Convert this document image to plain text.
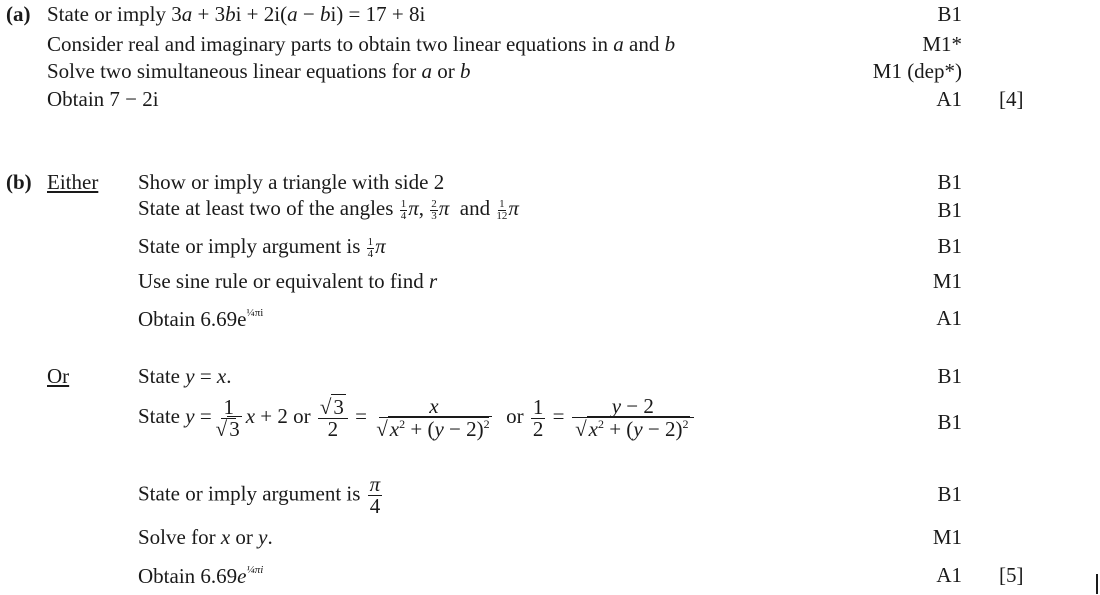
(a) State or imply 3a + 3bi + 2i(a − bi) = 17 + 8i
Consider real and imaginary parts to obtain two linear equations in a and b
Solve two simultaneous linear equations for a or b
Obtain 7 − 2i
B1
M1*
M1 (dep*)
A1 [4]
(b) Either Show or imply a triangle with side 2
State at least two of the angles $\frac{1}{4} \pi$, $\frac{2}{3}$ π and $\frac{1}{12}$ π
State or imply argument is $\frac{1}{4}$ π
Use sine rule or equivalent to find r
Obtain $6.69e^{\frac{1}{4}\pi i}$
B1
B1
B1
M1
A1
Or	State y = x.
State $y = \frac{1}{√3}$ x + 2 or $\frac{√3}{2} = \frac{x}{√x^2 + (y - 2)^2}$ or $\frac{1}{2} = \frac{y - 2}{√x^2 + (y - 2)^2}$
State or imply argument is $\frac{\pi}{4}$
Solve for x or y.
Obtain $6.69e^{\frac{1}{4}\pi i}$
B1
B1
B1
M1
A1 [5]
